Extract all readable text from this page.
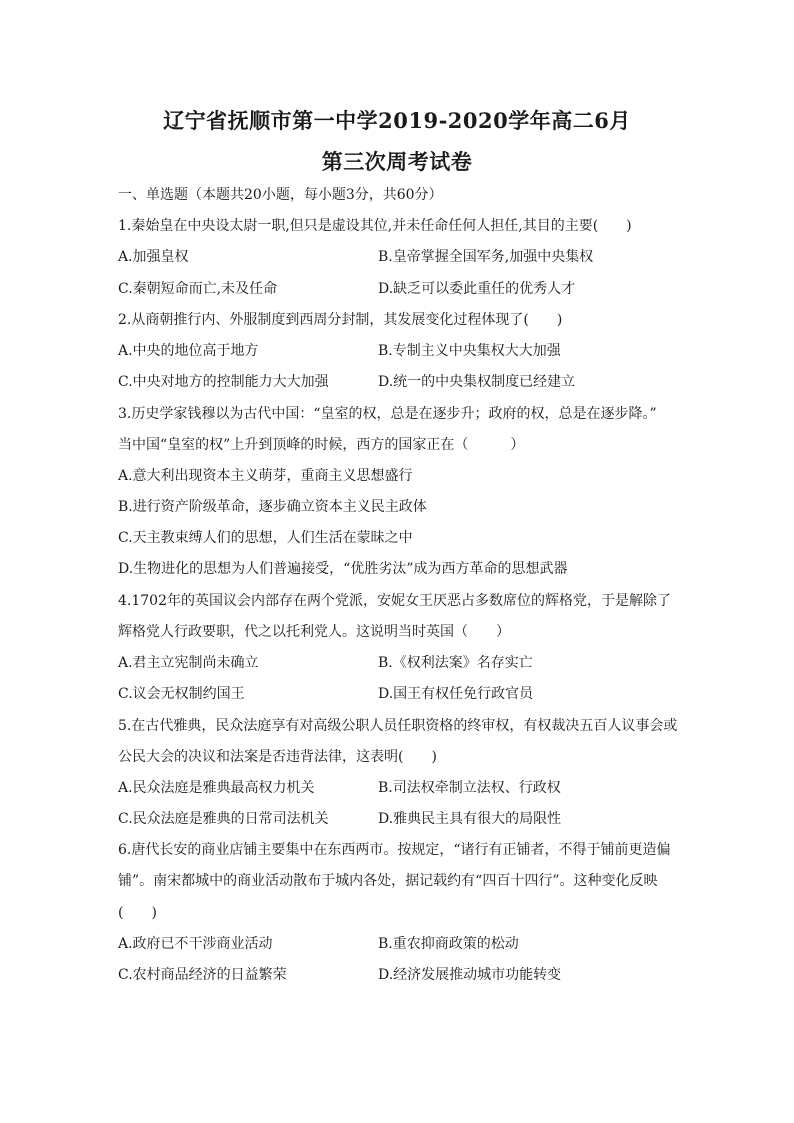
辽宁省抚顺市第一中学2019-2020学年高二6月
第三次周考试卷
一、单选题（本题共20小题，每小题3分，共60分）
1.秦始皇在中央设太尉一职,但只是虚设其位,并未任命任何人担任,其目的主要(　　)
A.加强皇权	B.皇帝掌握全国军务,加强中央集权
C.秦朝短命而亡,未及任命	D.缺乏可以委此重任的优秀人才
2.从商朝推行内、外服制度到西周分封制，其发展变化过程体现了(　　)
A.中央的地位高于地方	B.专制主义中央集权大大加强
C.中央对地方的控制能力大大加强	D.统一的中央集权制度已经建立
3.历史学家钱穆以为古代中国：“皇室的权，总是在逐步升；政府的权，总是在逐步降。”
当中国“皇室的权”上升到顶峰的时候，西方的国家正在（　　　）
A.意大利出现资本主义萌芽，重商主义思想盛行
B.进行资产阶级革命，逐步确立资本主义民主政体
C.天主教束缚人们的思想，人们生活在蒙昧之中
D.生物进化的思想为人们普遍接受，“优胜劣汰”成为西方革命的思想武器
4.1702年的英国议会内部存在两个党派，安妮女王厌恶占多数席位的辉格党，于是解除了
辉格党人行政要职，代之以托利党人。这说明当时英国（　　）
A.君主立宪制尚未确立	B.《权利法案》名存实亡
C.议会无权制约国王	D.国王有权任免行政官员
5.在古代雅典，民众法庭享有对高级公职人员任职资格的终审权，有权裁决五百人议事会或
公民大会的决议和法案是否违背法律，这表明(　　)
A.民众法庭是雅典最高权力机关	B.司法权牵制立法权、行政权
C.民众法庭是雅典的日常司法机关	D.雅典民主具有很大的局限性
6.唐代长安的商业店铺主要集中在东西两市。按规定，“诸行有正铺者，不得于铺前更造偏
铺”。南宋都城中的商业活动散布于城内各处，据记载约有“四百十四行”。这种变化反映
(　　)
A.政府已不干涉商业活动	B.重农抑商政策的松动
C.农村商品经济的日益繁荣	D.经济发展推动城市功能转变
